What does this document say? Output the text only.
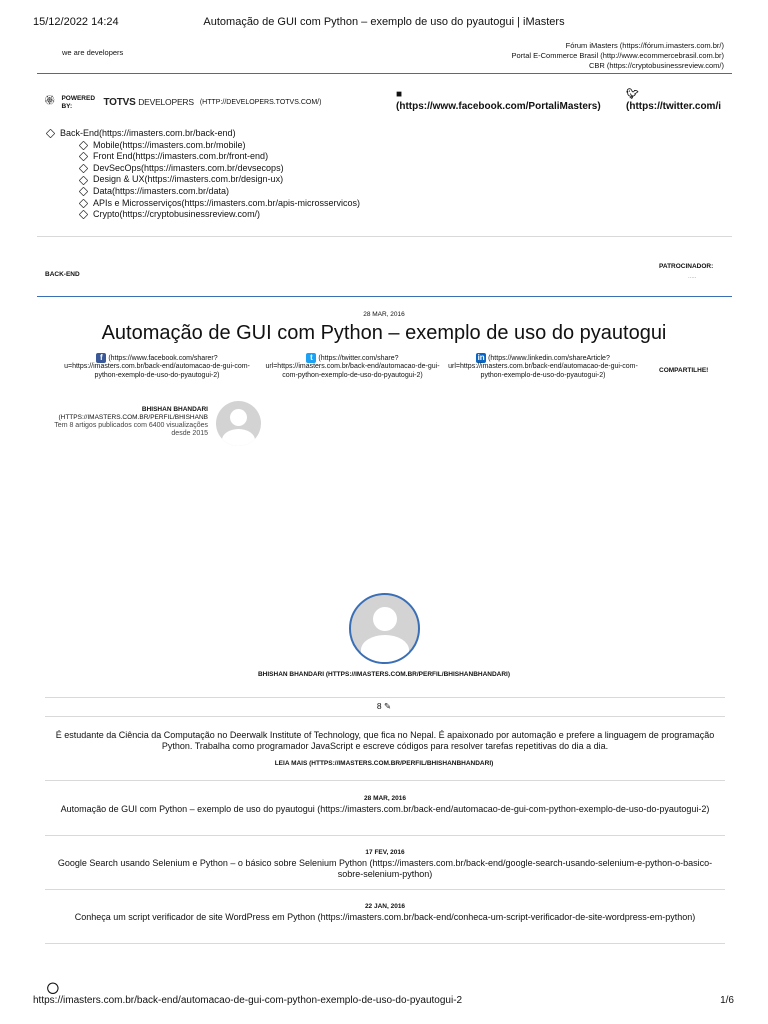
15/12/2022 14:24	Automação de GUI com Python – exemplo de uso do pyautogui | iMasters
we are developers
Fórum iMasters (https://fórum.imasters.com.br/)
Portal E-Commerce Brasil (http://www.ecommercebrasil.com.br)
CBR (https://cryptobusinessreview.com/)
🏵 POWERED BY:	TOTVS DEVELOPERS (HTTP://DEVELOPERS.TOTVS.COM/)
■
(https://www.facebook.com/PortaliMasters)
🐦︎
(https://twitter.com/i
Back-End(https://imasters.com.br/back-end)
Mobile(https://imasters.com.br/mobile)
Front End(https://imasters.com.br/front-end)
DevSecOps(https://imasters.com.br/devsecops)
Design & UX(https://imasters.com.br/design-ux)
Data(https://imasters.com.br/data)
APIs e Microsserviços(https://imasters.com.br/apis-microsservicos)
Crypto(https://cryptobusinessreview.com/)
BACK-END
PATROCINADOR:
.....
28 MAR, 2016
Automação de GUI com Python – exemplo de uso do pyautogui
f (https://www.facebook.com/sharer? u=https://imasters.com.br/back-end/automacao-de-gui-com-python-exemplo-de-uso-do-pyautogui-2)
t (https://twitter.com/share? url=https://imasters.com.br/back-end/automacao-de-gui-com-python-exemplo-de-uso-do-pyautogui-2)
in (https://www.linkedin.com/shareArticle? url=https://imasters.com.br/back-end/automacao-de-gui-com-python-exemplo-de-uso-do-pyautogui-2)
COMPARTILHE!
BHISHAN BHANDARI
(HTTPS://IMASTERS.COM.BR/PERFIL/BHISHANB
Tem 8 artigos publicados com 6400 visualizações desde 2015
BHISHAN BHANDARI (HTTPS://IMASTERS.COM.BR/PERFIL/BHISHANBHANDARI)
8 ✎
É estudante da Ciência da Computação no Deerwalk Institute of Technology, que fica no Nepal. É apaixonado por automação e prefere a linguagem de programação Python. Trabalha como programador JavaScript e escreve códigos para resolver tarefas repetitivas do dia a dia.
LEIA MAIS (HTTPS://IMASTERS.COM.BR/PERFIL/BHISHANBHANDARI)
28 MAR, 2016
Automação de GUI com Python – exemplo de uso do pyautogui (https://imasters.com.br/back-end/automacao-de-gui-com-python-exemplo-de-uso-do-pyautogui-2)
17 FEV, 2016
Google Search usando Selenium e Python – o básico sobre Selenium Python (https://imasters.com.br/back-end/google-search-usando-selenium-e-python-o-basico-sobre-selenium-python)
22 JAN, 2016
Conheça um script verificador de site WordPress em Python (https://imasters.com.br/back-end/conheca-um-script-verificador-de-site-wordpress-em-python)
○
https://imasters.com.br/back-end/automacao-de-gui-com-python-exemplo-de-uso-do-pyautogui-2	1/6
